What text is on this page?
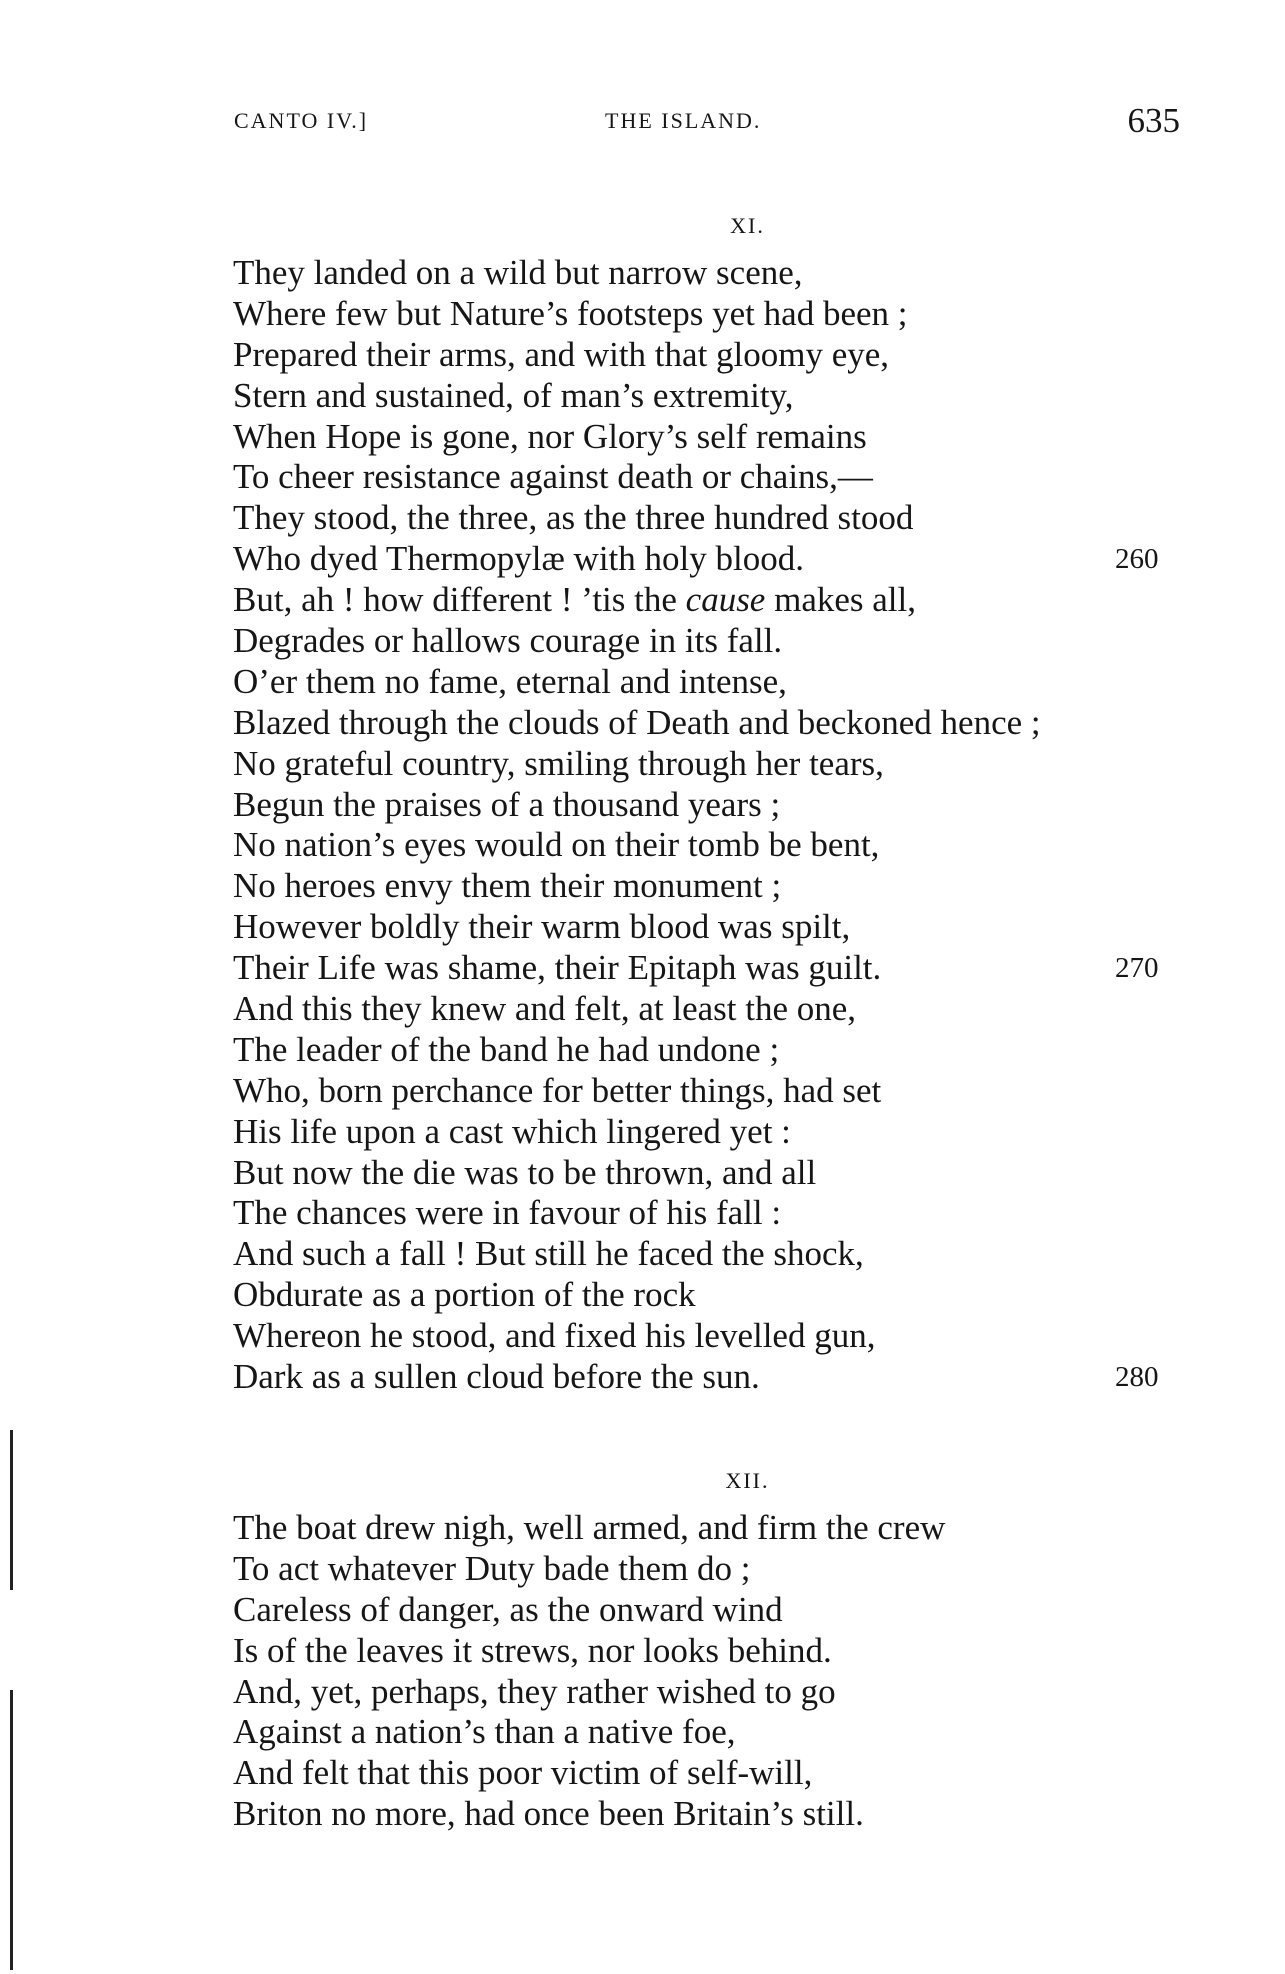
CANTO IV.]	THE ISLAND.	635
XI.
They landed on a wild but narrow scene,
Where few but Nature’s footsteps yet had been ;
Prepared their arms, and with that gloomy eye,
Stern and sustained, of man’s extremity,
When Hope is gone, nor Glory’s self remains
To cheer resistance against death or chains,—
They stood, the three, as the three hundred stood
Who dyed Thermopylæ with holy blood.	260
But, ah ! how different ! ’tis the cause makes all,
Degrades or hallows courage in its fall.
O’er them no fame, eternal and intense,
Blazed through the clouds of Death and beckoned hence ;
No grateful country, smiling through her tears,
Begun the praises of a thousand years ;
No nation’s eyes would on their tomb be bent,
No heroes envy them their monument ;
However boldly their warm blood was spilt,
Their Life was shame, their Epitaph was guilt.	270
And this they knew and felt, at least the one,
The leader of the band he had undone ;
Who, born perchance for better things, had set
His life upon a cast which lingered yet :
But now the die was to be thrown, and all
The chances were in favour of his fall :
And such a fall ! But still he faced the shock,
Obdurate as a portion of the rock
Whereon he stood, and fixed his levelled gun,
Dark as a sullen cloud before the sun.	280
XII.
The boat drew nigh, well armed, and firm the crew
To act whatever Duty bade them do ;
Careless of danger, as the onward wind
Is of the leaves it strews, nor looks behind.
And, yet, perhaps, they rather wished to go
Against a nation’s than a native foe,
And felt that this poor victim of self-will,
Briton no more, had once been Britain’s still.
